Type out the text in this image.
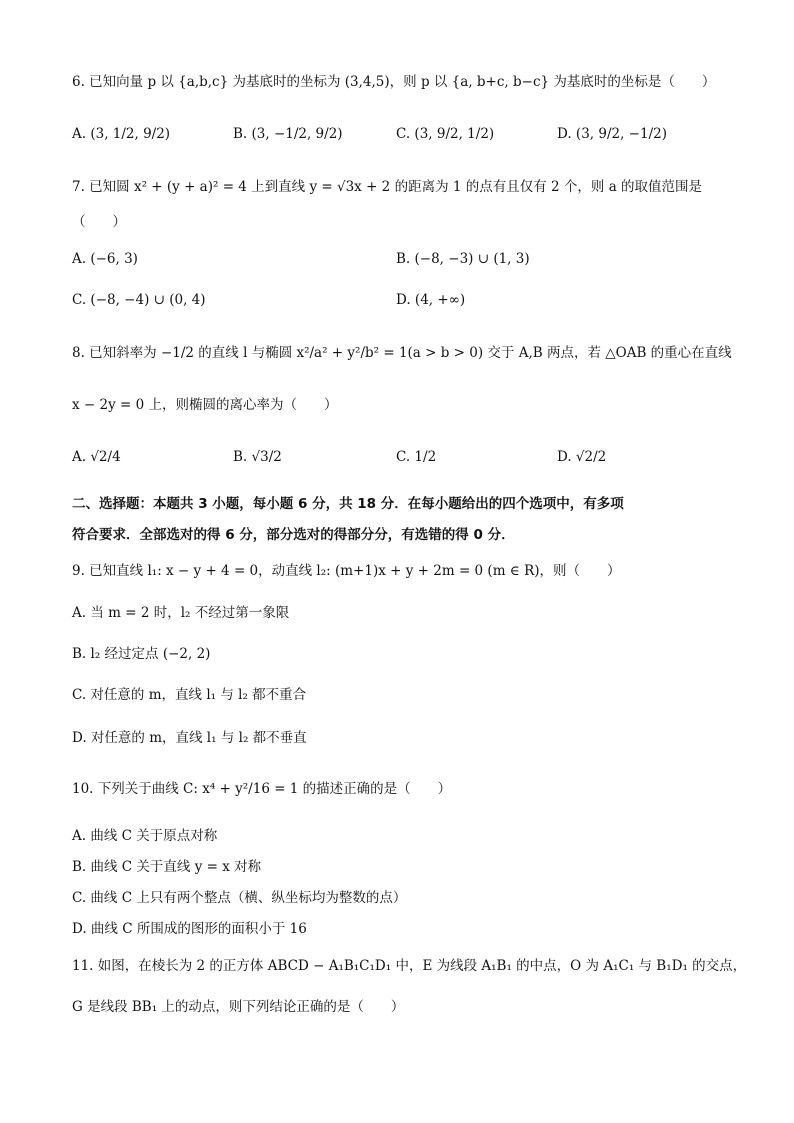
6. 已知向量 p 以 {a,b,c} 为基底时的坐标为 (3,4,5)，则 p 以 {a, b+c, b−c} 为基底时的坐标是（　　）
A. (3, 1/2, 9/2)	B. (3, −1/2, 9/2)	C. (3, 9/2, 1/2)	D. (3, 9/2, −1/2)
7. 已知圆 x² + (y + a)² = 4 上到直线 y = √3x + 2 的距离为 1 的点有且仅有 2 个，则 a 的取值范围是
（　　）
A. (−6, 3)	B. (−8, −3) ∪ (1, 3)
C. (−8, −4) ∪ (0, 4)	D. (4, +∞)
8. 已知斜率为 −1/2 的直线 l 与椭圆 x²/a² + y²/b² = 1(a > b > 0) 交于 A,B 两点，若 △OAB 的重心在直线
x − 2y = 0 上，则椭圆的离心率为（　　）
A. √2/4	B. √3/2	C. 1/2	D. √2/2
二、选择题：本题共 3 小题，每小题 6 分，共 18 分．在每小题给出的四个选项中，有多项
符合要求．全部选对的得 6 分，部分选对的得部分分，有选错的得 0 分．
9. 已知直线 l₁: x − y + 4 = 0，动直线 l₂: (m+1)x + y + 2m = 0 (m ∈ R)，则（　　）
A. 当 m = 2 时，l₂ 不经过第一象限
B. l₂ 经过定点 (−2, 2)
C. 对任意的 m，直线 l₁ 与 l₂ 都不重合
D. 对任意的 m，直线 l₁ 与 l₂ 都不垂直
10. 下列关于曲线 C: x⁴ + y²/16 = 1 的描述正确的是（　　）
A. 曲线 C 关于原点对称
B. 曲线 C 关于直线 y = x 对称
C. 曲线 C 上只有两个整点（横、纵坐标均为整数的点）
D. 曲线 C 所围成的图形的面积小于 16
11. 如图，在棱长为 2 的正方体 ABCD − A₁B₁C₁D₁ 中，E 为线段 A₁B₁ 的中点，O 为 A₁C₁ 与 B₁D₁ 的交点，
G 是线段 BB₁ 上的动点，则下列结论正确的是（　　）
